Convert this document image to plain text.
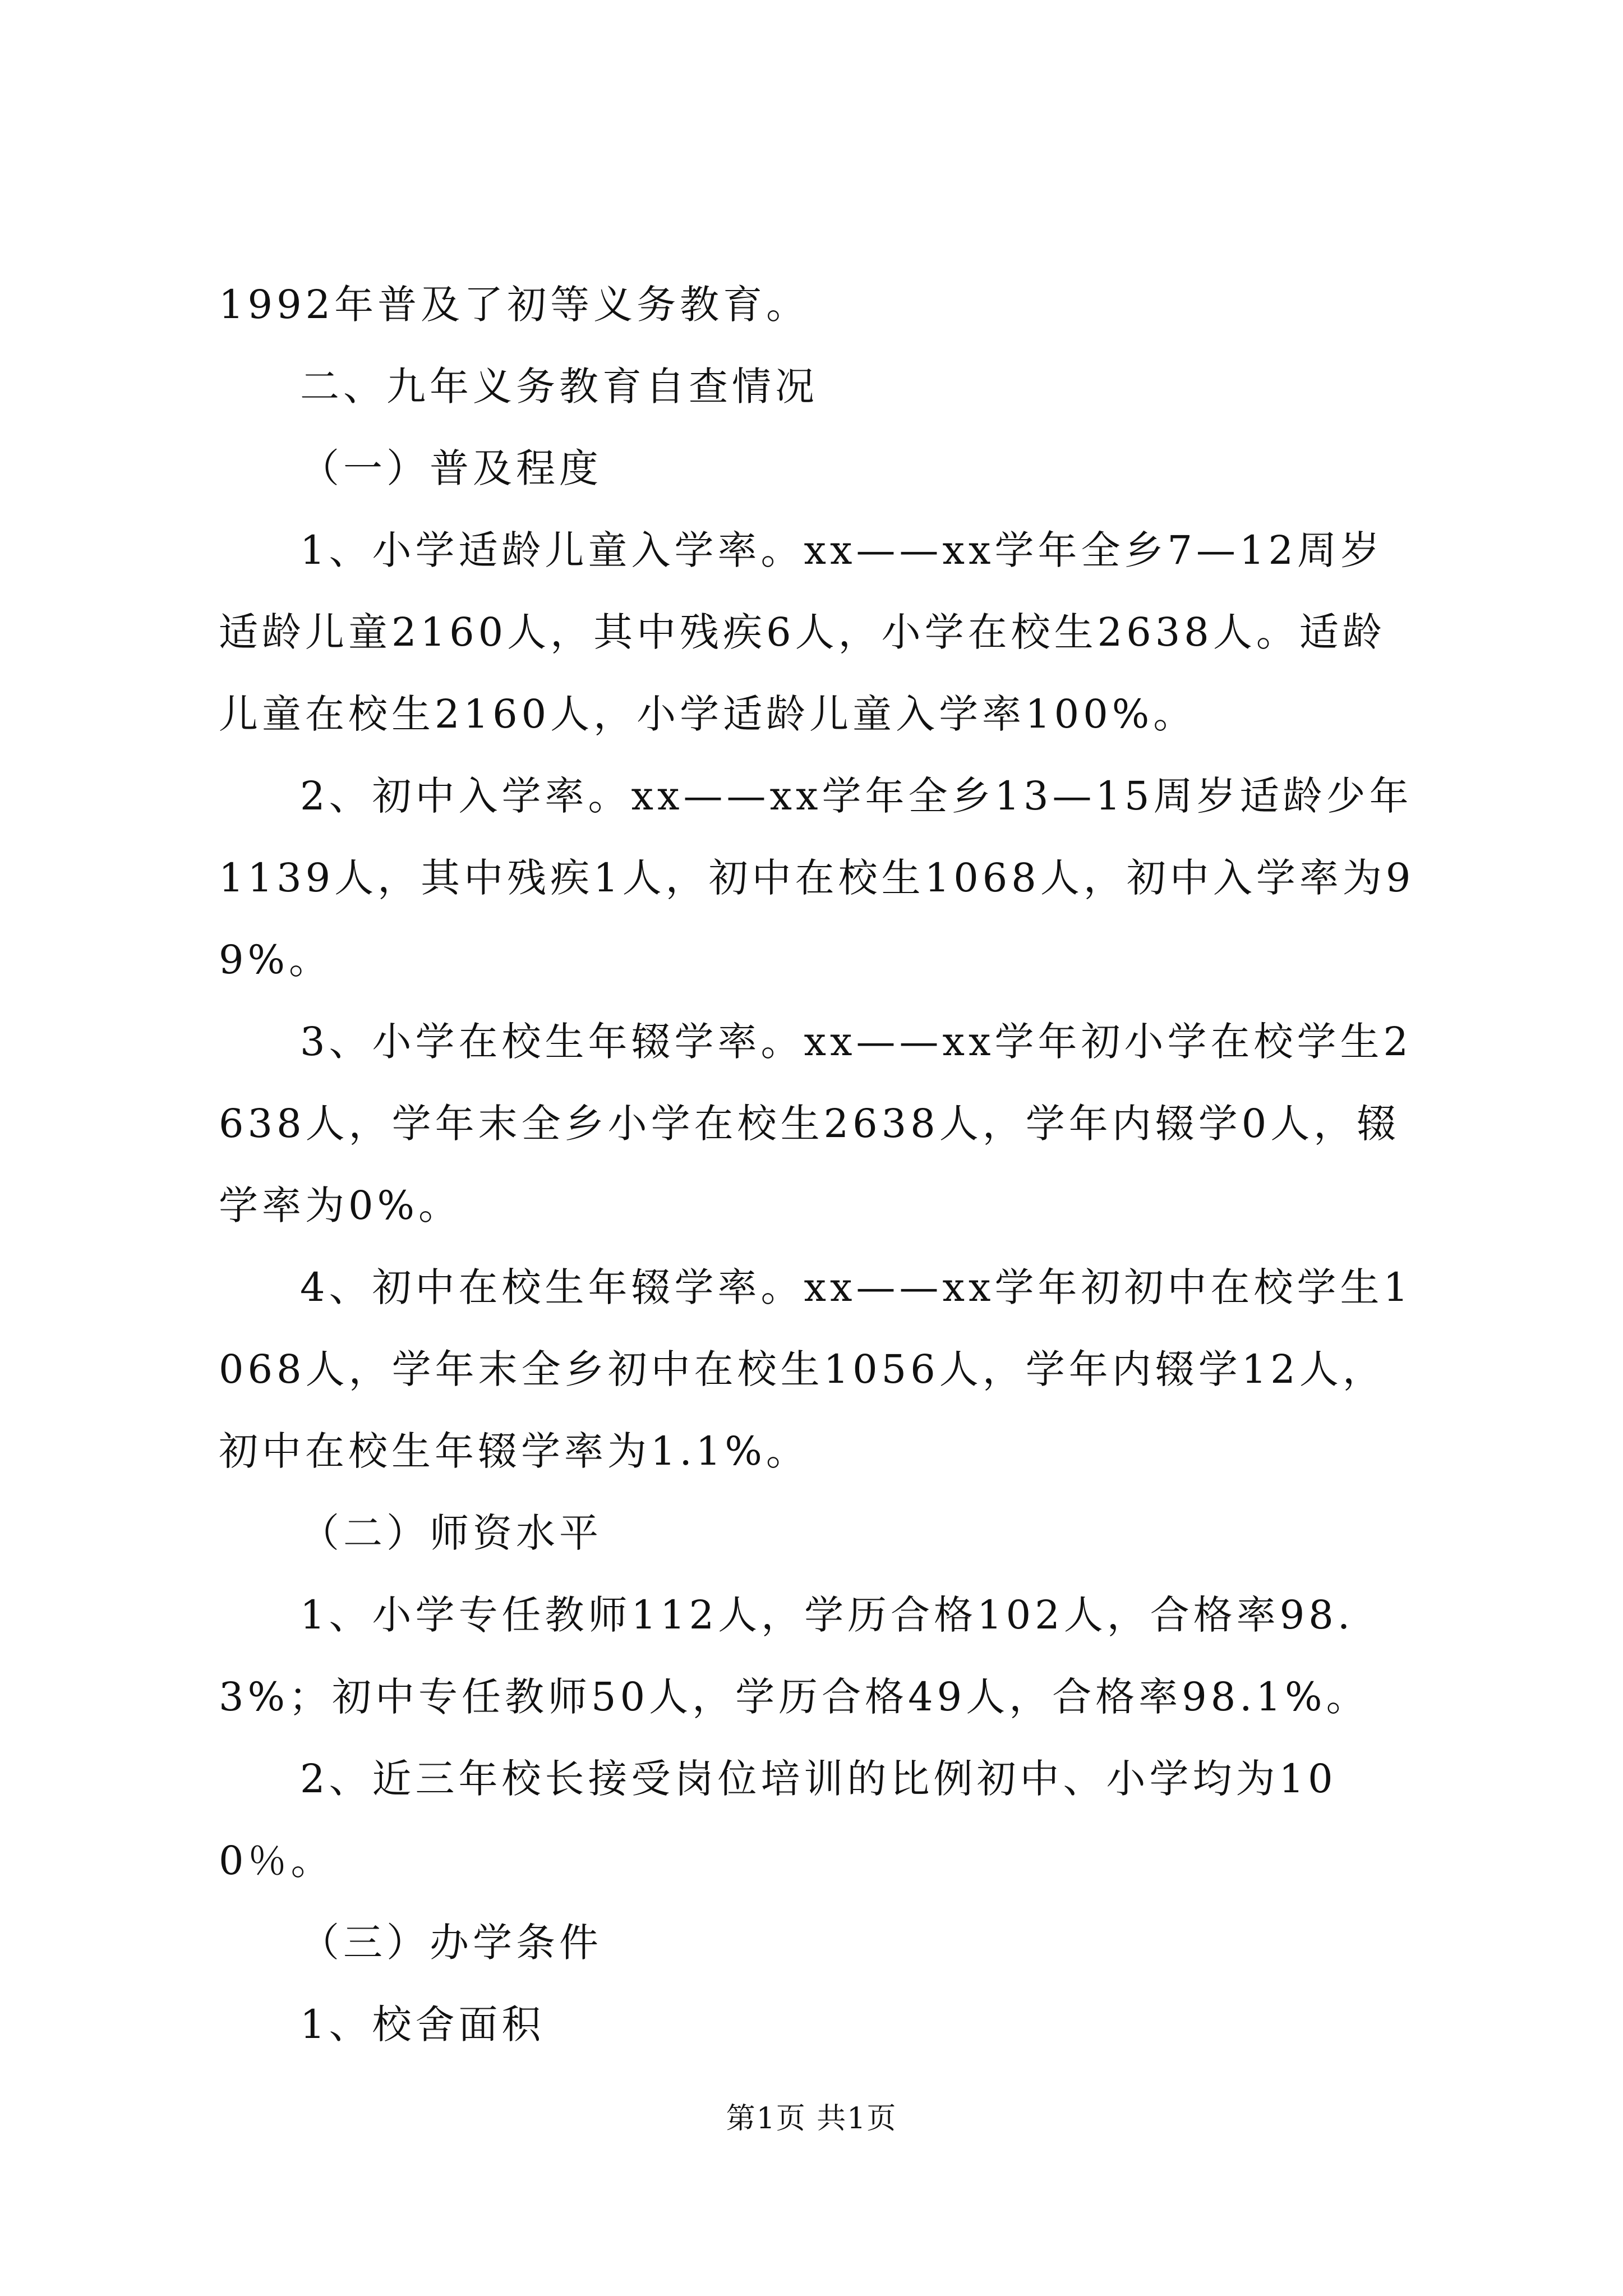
1992年普及了初等义务教育。

二、九年义务教育自查情况

（一）普及程度

1、小学适龄儿童入学率。xx——xx学年全乡7—12周岁适龄儿童2160人，其中残疾6人，小学在校生2638人。适龄儿童在校生2160人，小学适龄儿童入学率100%。

2、初中入学率。xx——xx学年全乡13—15周岁适龄少年1139人，其中残疾1人，初中在校生1068人，初中入学率为99%。

3、小学在校生年辍学率。xx——xx学年初小学在校学生2638人，学年末全乡小学在校生2638人，学年内辍学0人，辍学率为0%。

4、初中在校生年辍学率。xx——xx学年初初中在校学生1068人，学年末全乡初中在校生1056人，学年内辍学12人，初中在校生年辍学率为1.1%。

（二）师资水平

1、小学专任教师112人，学历合格102人，合格率98.3%；初中专任教师50人，学历合格49人，合格率98.1%。

2、近三年校长接受岗位培训的比例初中、小学均为100％。

（三）办学条件

1、校舍面积

第1页 共1页
